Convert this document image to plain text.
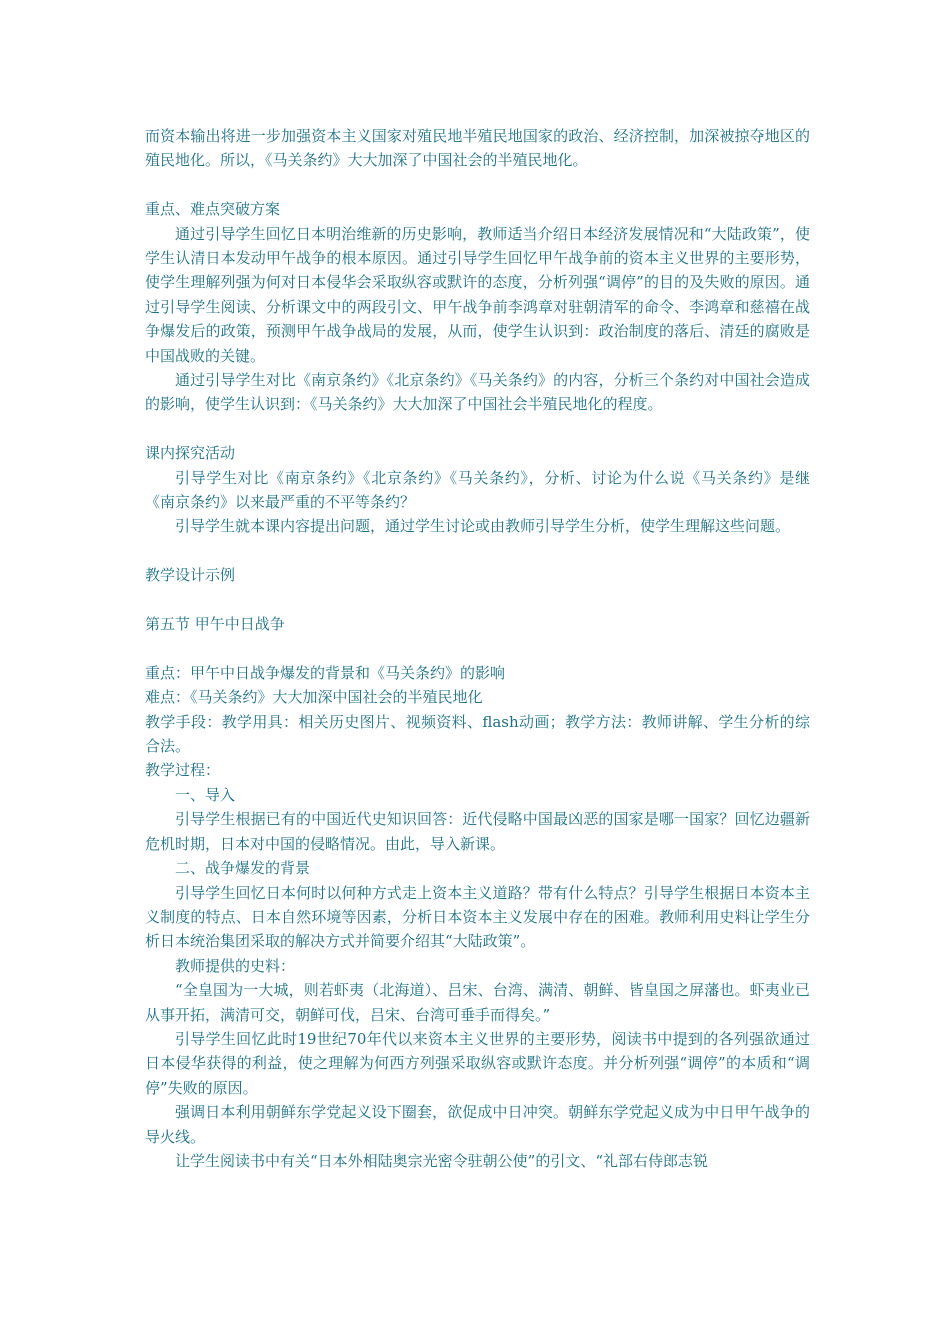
而资本输出将进一步加强资本主义国家对殖民地半殖民地国家的政治、经济控制，加深被掠夺地区的殖民地化。所以，《马关条约》大大加深了中国社会的半殖民地化。

重点、难点突破方案

通过引导学生回忆日本明治维新的历史影响，教师适当介绍日本经济发展情况和“大陆政策”，使学生认清日本发动甲午战争的根本原因。通过引导学生回忆甲午战争前的资本主义世界的主要形势，使学生理解列强为何对日本侵华会采取纵容或默许的态度，分析列强“调停”的目的及失败的原因。通过引导学生阅读、分析课文中的两段引文、甲午战争前李鸿章对驻朝清军的命令、李鸿章和慈禧在战争爆发后的政策，预测甲午战争战局的发展，从而，使学生认识到：政治制度的落后、清廷的腐败是中国战败的关键。

通过引导学生对比《南京条约》《北京条约》《马关条约》的内容，分析三个条约对中国社会造成的影响，使学生认识到：《马关条约》大大加深了中国社会半殖民地化的程度。

课内探究活动

引导学生对比《南京条约》《北京条约》《马关条约》，分析、讨论为什么说《马关条约》是继《南京条约》以来最严重的不平等条约？

引导学生就本课内容提出问题，通过学生讨论或由教师引导学生分析，使学生理解这些问题。

教学设计示例

第五节 甲午中日战争

重点：甲午中日战争爆发的背景和《马关条约》的影响

难点：《马关条约》大大加深中国社会的半殖民地化

教学手段：教学用具：相关历史图片、视频资料、flash动画；教学方法：教师讲解、学生分析的综合法。

教学过程：

一、导入

引导学生根据已有的中国近代史知识回答：近代侵略中国最凶恶的国家是哪一国家？回忆边疆新危机时期，日本对中国的侵略情况。由此，导入新课。

二、战争爆发的背景

引导学生回忆日本何时以何种方式走上资本主义道路？带有什么特点？引导学生根据日本资本主义制度的特点、日本自然环境等因素，分析日本资本主义发展中存在的困难。教师利用史料让学生分析日本统治集团采取的解决方式并简要介绍其“大陆政策”。

教师提供的史料：

“全皇国为一大城，则若虾夷（北海道）、吕宋、台湾、满清、朝鲜、皆皇国之屏藩也。虾夷业已从事开拓，满清可交，朝鲜可伐，吕宋、台湾可垂手而得矣。”

引导学生回忆此时19世纪70年代以来资本主义世界的主要形势，阅读书中提到的各列强欲通过日本侵华获得的利益，使之理解为何西方列强采取纵容或默许态度。并分析列强“调停”的本质和“调停”失败的原因。

强调日本利用朝鲜东学党起义设下圈套，欲促成中日冲突。朝鲜东学党起义成为中日甲午战争的导火线。

让学生阅读书中有关“日本外相陆奥宗光密令驻朝公使”的引文、“礼部右侍郎志锐
